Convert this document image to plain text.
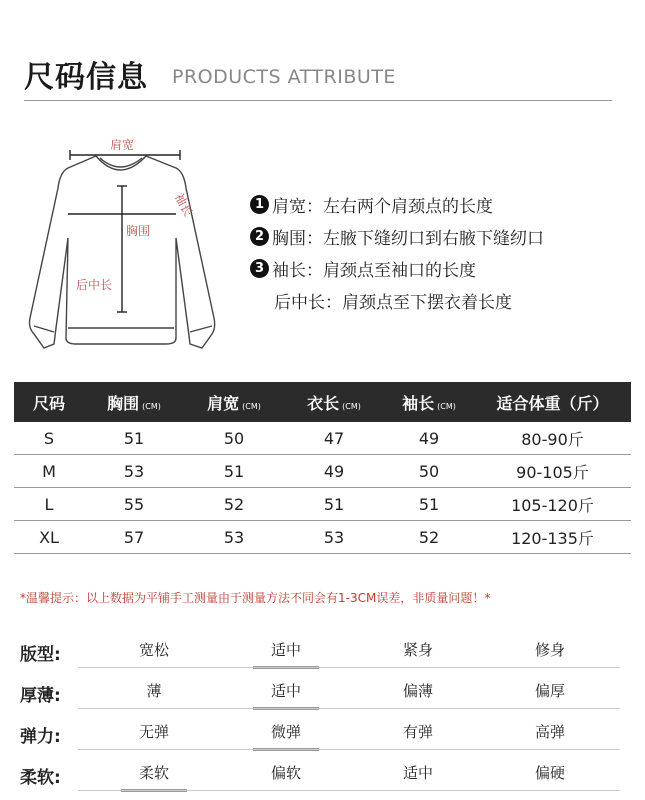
尺码信息 PRODUCTS ATTRIBUTE
肩宽
胸围
后中长
袖长	1 肩宽：左右两个肩颈点的长度
2 胸围：左腋下缝纫口到右腋下缝纫口
3 袖长：肩颈点至袖口的长度
后中长：肩颈点至下摆衣着长度
尺码	胸围 (CM)	肩宽 (CM)	衣长 (CM)	袖长 (CM)	适合体重（斤）
S	51	50	47	49	80-90斤
M	53	51	49	50	90-105斤
L	55	52	51	51	105-120斤
XL	57	53	53	52	120-135斤
*温馨提示：以上数据为平铺手工测量由于测量方法不同会有1-3CM误差，非质量问题！*
版型:	宽松	适中	紧身	修身
厚薄:	薄	适中	偏薄	偏厚
弹力:	无弹	微弹	有弹	高弹
柔软:	柔软	偏软	适中	偏硬
